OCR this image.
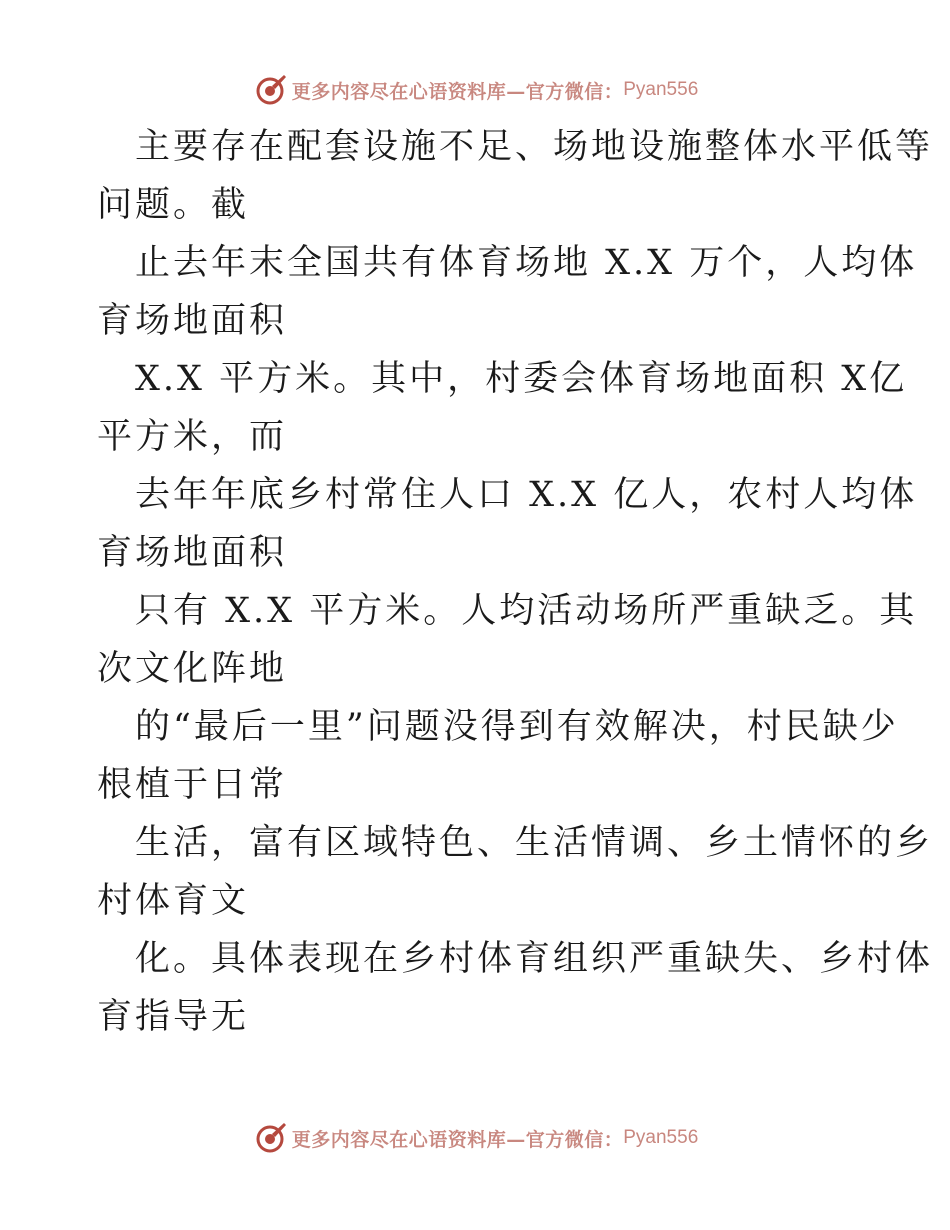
更多内容尽在心语资料库—官方微信： Pyan556
主要存在配套设施不足、场地设施整体水平低等
问题。截
止去年末全国共有体育场地 X.X 万个，人均体
育场地面积
X.X 平方米。其中，村委会体育场地面积 X亿
平方米，而
去年年底乡村常住人口 X.X 亿人，农村人均体
育场地面积
只有 X.X 平方米。人均活动场所严重缺乏。其
次文化阵地
的“最后一里”问题没得到有效解决，村民缺少
根植于日常
生活，富有区域特色、生活情调、乡土情怀的乡
村体育文
化。具体表现在乡村体育组织严重缺失、乡村体
育指导无
更多内容尽在心语资料库—官方微信： Pyan556
